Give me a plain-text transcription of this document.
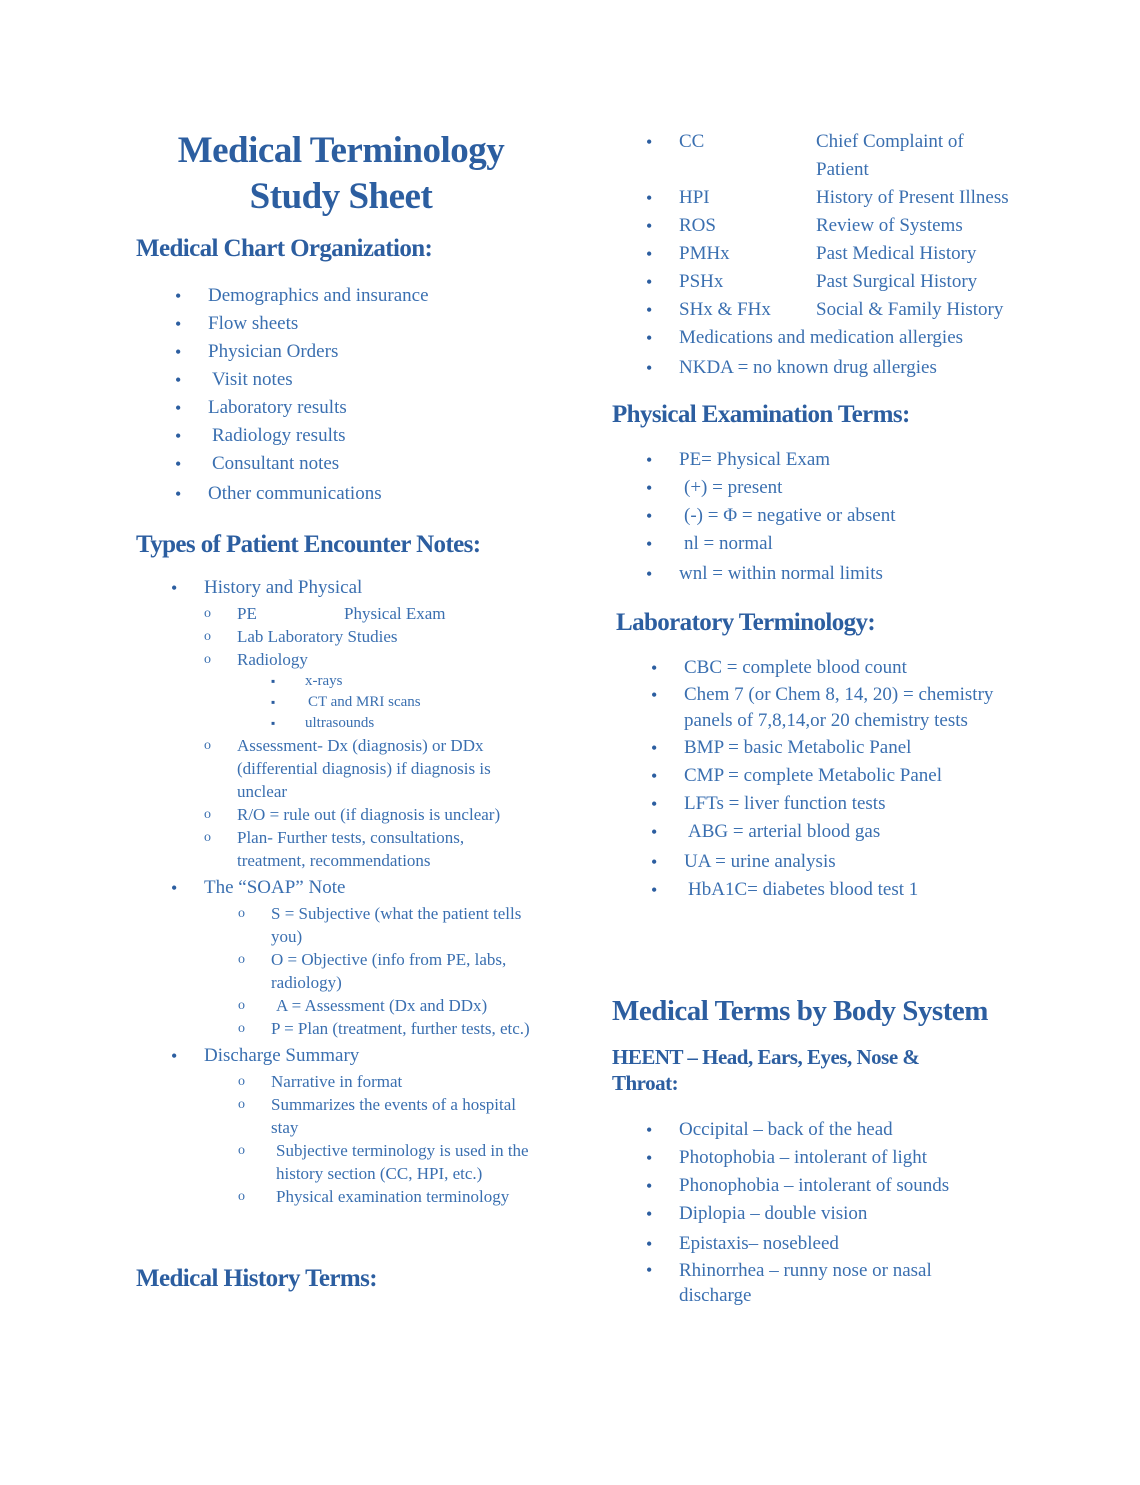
Medical Terminology
Study Sheet
Medical Chart Organization:
• Demographics and insurance
• Flow sheets
• Physician Orders
• Visit notes
• Laboratory results
• Radiology results
• Consultant notes
• Other communications
Types of Patient Encounter Notes:
• History and Physical
o PE	Physical Exam
o Lab Laboratory Studies
o Radiology
▪ x-rays
▪ CT and MRI scans
▪ ultrasounds
o Assessment- Dx (diagnosis) or DDx (differential diagnosis) if diagnosis is unclear
o R/O = rule out (if diagnosis is unclear)
o Plan- Further tests, consultations, treatment, recommendations
• The “SOAP” Note
o S = Subjective (what the patient tells you)
o O = Objective (info from PE, labs, radiology)
o A = Assessment (Dx and DDx)
o P = Plan (treatment, further tests, etc.)
• Discharge Summary
o Narrative in format
o Summarizes the events of a hospital stay
o Subjective terminology is used in the history section (CC, HPI, etc.)
o Physical examination terminology
Medical History Terms:
• CC	Chief Complaint of Patient
• HPI	History of Present Illness
• ROS	Review of Systems
• PMHx	Past Medical History
• PSHx	Past Surgical History
• SHx & FHx	Social & Family History
• Medications and medication allergies
• NKDA = no known drug allergies
Physical Examination Terms:
• PE= Physical Exam
• (+) = present
• (-) = Φ = negative or absent
• nl = normal
• wnl = within normal limits
Laboratory Terminology:
• CBC = complete blood count
• Chem 7 (or Chem 8, 14, 20) = chemistry panels of 7,8,14,or 20 chemistry tests
• BMP = basic Metabolic Panel
• CMP = complete Metabolic Panel
• LFTs = liver function tests
• ABG = arterial blood gas
• UA = urine analysis
• HbA1C= diabetes blood test 1
Medical Terms by Body System
HEENT – Head, Ears, Eyes, Nose & Throat:
• Occipital – back of the head
• Photophobia – intolerant of light
• Phonophobia – intolerant of sounds
• Diplopia – double vision
• Epistaxis– nosebleed
• Rhinorrhea – runny nose or nasal discharge
